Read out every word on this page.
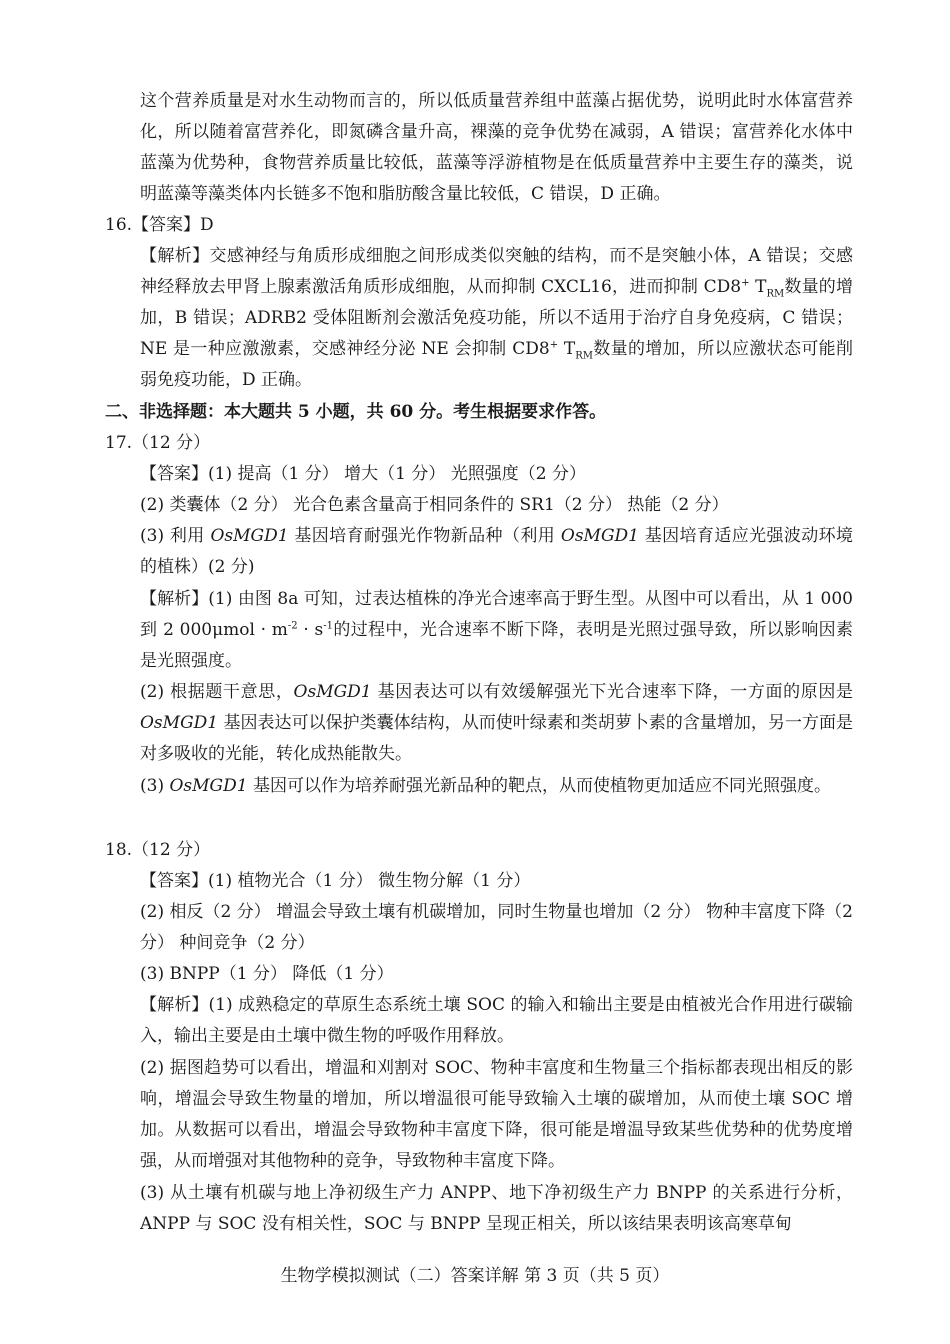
这个营养质量是对水生动物而言的，所以低质量营养组中蓝藻占据优势，说明此时水体富营养化，所以随着富营养化，即氮磷含量升高，裸藻的竞争优势在减弱，A 错误；富营养化水体中蓝藻为优势种，食物营养质量比较低，蓝藻等浮游植物是在低质量营养中主要生存的藻类，说明蓝藻等藻类体内长链多不饱和脂肪酸含量比较低，C 错误，D 正确。
16.【答案】D
【解析】交感神经与角质形成细胞之间形成类似突触的结构，而不是突触小体，A 错误；交感神经释放去甲肾上腺素激活角质形成细胞，从而抑制 CXCL16，进而抑制 CD8+ $T_{RM}$数量的增加，B 错误；ADRB2 受体阻断剂会激活免疫功能，所以不适用于治疗自身免疫病，C 错误；NE 是一种应激激素，交感神经分泌 NE 会抑制 CD8+ $T_{RM}$数量的增加，所以应激状态可能削弱免疫功能，D 正确。
二、非选择题：本大题共 5 小题，共 60 分。考生根据要求作答。
17.（12 分）
【答案】(1) 提高（1 分） 增大（1 分） 光照强度（2 分）
(2) 类囊体（2 分） 光合色素含量高于相同条件的 SR1（2 分） 热能（2 分）
(3) 利用 OsMGD1 基因培育耐强光作物新品种（利用 OsMGD1 基因培育适应光强波动环境的植株）(2 分)
【解析】(1) 由图 8a 可知，过表达植株的净光合速率高于野生型。从图中可以看出，从 1 000 到 2 $000\mu mol \cdot m^{-2} \cdot s^{-1}$的过程中，光合速率不断下降，表明是光照过强导致，所以影响因素是光照强度。
(2) 根据题干意思，OsMGD1 基因表达可以有效缓解强光下光合速率下降，一方面的原因是 OsMGD1 基因表达可以保护类囊体结构，从而使叶绿素和类胡萝卜素的含量增加，另一方面是对多吸收的光能，转化成热能散失。
(3) OsMGD1 基因可以作为培养耐强光新品种的靶点，从而使植物更加适应不同光照强度。
18.（12 分）
【答案】(1) 植物光合（1 分） 微生物分解（1 分）
(2) 相反（2 分） 增温会导致土壤有机碳增加，同时生物量也增加（2 分） 物种丰富度下降（2 分） 种间竞争（2 分）
(3) BNPP（1 分） 降低（1 分）
【解析】(1) 成熟稳定的草原生态系统土壤 SOC 的输入和输出主要是由植被光合作用进行碳输入，输出主要是由土壤中微生物的呼吸作用释放。
(2) 据图趋势可以看出，增温和刈割对 SOC、物种丰富度和生物量三个指标都表现出相反的影响，增温会导致生物量的增加，所以增温很可能导致输入土壤的碳增加，从而使土壤 SOC 增加。从数据可以看出，增温会导致物种丰富度下降，很可能是增温导致某些优势种的优势度增强，从而增强对其他物种的竞争，导致物种丰富度下降。
(3) 从土壤有机碳与地上净初级生产力 ANPP、地下净初级生产力 BNPP 的关系进行分析，ANPP 与 SOC 没有相关性，SOC 与 BNPP 呈现正相关，所以该结果表明该高寒草甸
生物学模拟测试（二）答案详解 第 3 页（共 5 页）
